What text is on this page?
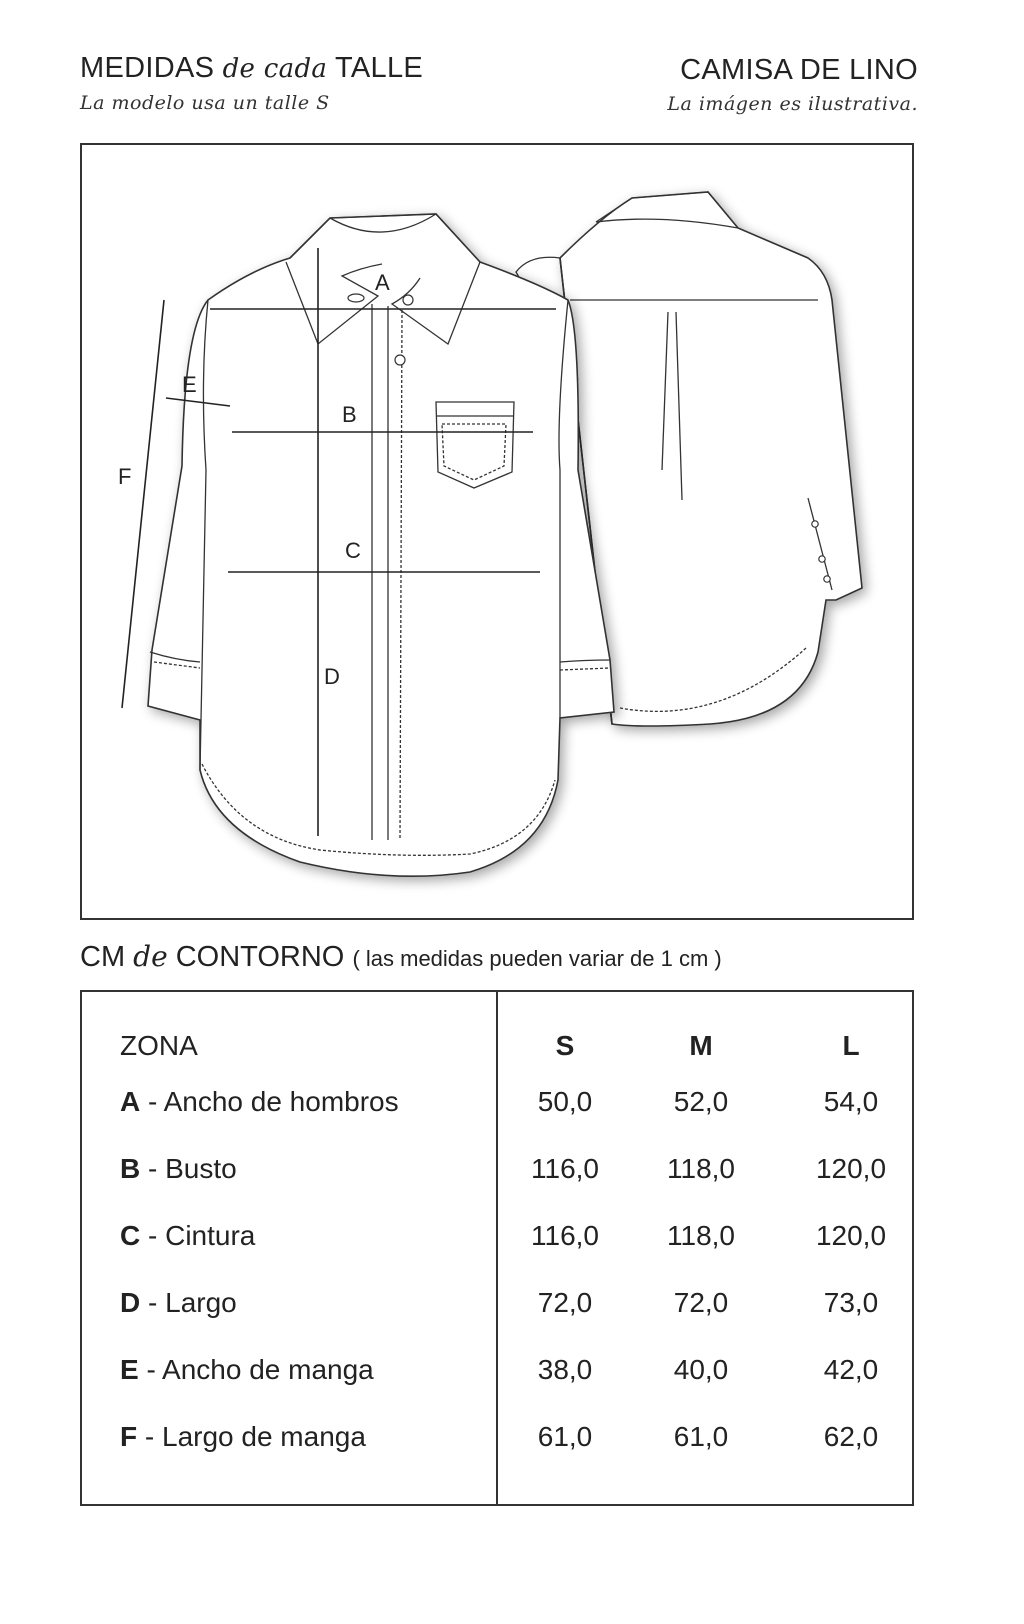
MEDIDAS de cada TALLE
La modelo usa un talle S
CAMISA DE LINO
La imágen es ilustrativa.
A
B
C
D
E
F
CM de CONTORNO ( las medidas pueden variar de 1 cm )
ZONA	S	M	L
A - Ancho de hombros	50,0	52,0	54,0
B - Busto	116,0	118,0	120,0
C - Cintura	116,0	118,0	120,0
D - Largo	72,0	72,0	73,0
E - Ancho de manga	38,0	40,0	42,0
F - Largo de manga	61,0	61,0	62,0
